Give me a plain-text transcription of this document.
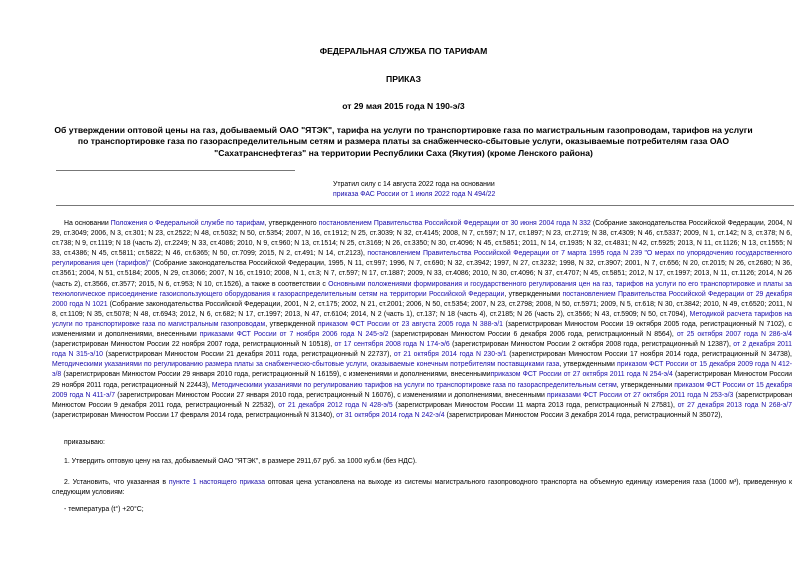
ФЕДЕРАЛЬНАЯ СЛУЖБА ПО ТАРИФАМ
ПРИКАЗ
от 29 мая 2015 года N 190-э/3
Об утверждении оптовой цены на газ, добываемый ОАО "ЯТЭК", тарифа на услуги по транспортировке газа по магистральным газопроводам, тарифов на услуги по транспортировке газа по газораспределительным сетям и размера платы за снабженческо-сбытовые услуги, оказываемые потребителям газа ОАО "Сахатранснефтегаз" на территории Республики Саха (Якутия) (кроме Ленского района)
Утратил силу с 14 августа 2022 года на основании
приказа ФАС России от 1 июля 2022 года N 494/22
На основании Положения о Федеральной службе по тарифам, утвержденного постановлением Правительства Российской Федерации от 30 июня 2004 года N 332 (Собрание законодательства Российской Федерации, 2004, N 29, ст.3049; 2006, N 3, ст.301; N 23, ст.2522; N 48, ст.5032; N 50, ст.5354; 2007, N 16, ст.1912; N 25, ст.3039; N 32, ст.4145; 2008, N 7, ст.597; N 17, ст.1897; N 23, ст.2719; N 38, ст.4309; N 46, ст.5337; 2009, N 1, ст.142; N 3, ст.378; N 6, ст.738; N 9, ст.1119; N 18 (часть 2), ст.2249; N 33, ст.4086; 2010, N 9, ст.960; N 13, ст.1514; N 25, ст.3169; N 26, ст.3350; N 30, ст.4096; N 45, ст.5851; 2011, N 14, ст.1935; N 32, ст.4831; N 42, ст.5925; 2013, N 11, ст.1126; N 13, ст.1555; N 33, ст.4386; N 45, ст.5811; ст.5822; N 46, ст.6365; N 50, ст.7099; 2015, N 2, ст.491; N 14, ст.2123), постановлением Правительства Российской Федерации от 7 марта 1995 года N 239 "О мерах по упорядочению государственного регулирования цен (тарифов)" (Собрание законодательства Российской Федерации, 1995, N 11, ст.997; 1996, N 7, ст.690; N 32, ст.3942; 1997, N 27, ст.3232; 1998, N 32, ст.3907; 2001, N 7, ст.656; N 20, ст.2015; N 26, ст.2680; N 36, ст.3561; 2004, N 51, ст.5184; 2005, N 29, ст.3066; 2007, N 16, ст.1910; 2008, N 1, ст.3; N 7, ст.597; N 17, ст.1887; 2009, N 33, ст.4086; 2010, N 30, ст.4096; N 37, ст.4707; N 45, ст.5851; 2012, N 17, ст.1997; 2013, N 11, ст.1126; 2014, N 26 (часть 2), ст.3566, ст.3577; 2015, N 6, ст.953; N 10, ст.1526), а также в соответствии с Основными положениями формирования и государственного регулирования цен на газ, тарифов на услуги по его транспортировке и платы за технологическое присоединение газоиспользующего оборудования к газораспределительным сетям на территории Российской Федерации, утвержденными постановлением Правительства Российской Федерации от 29 декабря 2000 года N 1021 (Собрание законодательства Российской Федерации, 2001, N 2, ст.175; 2002, N 21, ст.2001; 2006, N 50, ст.5354; 2007, N 23, ст.2798; 2008, N 50, ст.5971; 2009, N 5, ст.618; N 30, ст.3842; 2010, N 49, ст.6520; 2011, N 8, ст.1109; N 35, ст.5078; N 48, ст.6943; 2012, N 6, ст.682; N 17, ст.1997; 2013, N 47, ст.6104; 2014, N 2 (часть 1), ст.137; N 18 (часть 4), ст.2185; N 26 (часть 2), ст.3566; N 43, ст.5909; N 50, ст.7094), Методикой расчета тарифов на услуги по транспортировке газа по магистральным газопроводам, утвержденной приказом ФСТ России от 23 августа 2005 года N 388-э/1 (зарегистрирован Минюстом России 19 октября 2005 года, регистрационный N 7102), с изменениями и дополнениями, внесенными приказами ФСТ России от 7 ноября 2006 года N 245-э/2 (зарегистрирован Минюстом России 6 декабря 2006 года, регистрационный N 8564), от 25 октября 2007 года N 286-э/4 (зарегистрирован Минюстом России 22 ноября 2007 года, регистрационный N 10518), от 17 сентября 2008 года N 174-э/6 (зарегистрирован Минюстом России 2 октября 2008 года, регистрационный N 12387), от 2 декабря 2011 года N 315-э/10 (зарегистрирован Минюстом России 21 декабря 2011 года, регистрационный N 22737), от 21 октября 2014 года N 230-э/1 (зарегистрирован Минюстом России 17 ноября 2014 года, регистрационный N 34738), Методическими указаниями по регулированию размера платы за снабженческо-сбытовые услуги, оказываемые конечным потребителям поставщиками газа, утвержденными приказом ФСТ России от 15 декабря 2009 года N 412-э/8 (зарегистрирован Минюстом России 29 января 2010 года, регистрационный N 16159), с изменениями и дополнениями, внесеннымиприказом ФСТ России от 27 октября 2011 года N 254-э/4 (зарегистрирован Минюстом России 29 ноября 2011 года, регистрационный N 22443), Методическими указаниями по регулированию тарифов на услуги по транспортировке газа по газораспределительным сетям, утвержденными приказом ФСТ России от 15 декабря 2009 года N 411-э/7 (зарегистрирован Минюстом России 27 января 2010 года, регистрационный N 16076), с изменениями и дополнениями, внесенными приказами ФСТ России от 27 октября 2011 года N 253-э/3 (зарегистрирован Минюстом России 9 декабря 2011 года, регистрационный N 22532), от 21 декабря 2012 года N 428-э/5 (зарегистрирован Минюстом России 11 марта 2013 года, регистрационный N 27581), от 27 декабря 2013 года N 268-э/7 (зарегистрирован Минюстом России 17 февраля 2014 года, регистрационный N 31340), от 31 октября 2014 года N 242-э/4 (зарегистрирован Минюстом России 3 декабря 2014 года, регистрационный N 35072),
приказываю:
1. Утвердить оптовую цену на газ, добываемый ОАО "ЯТЭК", в размере 2911,67 руб. за 1000 куб.м (без НДС).
2. Установить, что указанная в пункте 1 настоящего приказа оптовая цена установлена на выходе из системы магистрального газопроводного транспорта на объемную единицу измерения газа (1000 м³), приведенную к следующим условиям:
- температура (t°) +20°С;
